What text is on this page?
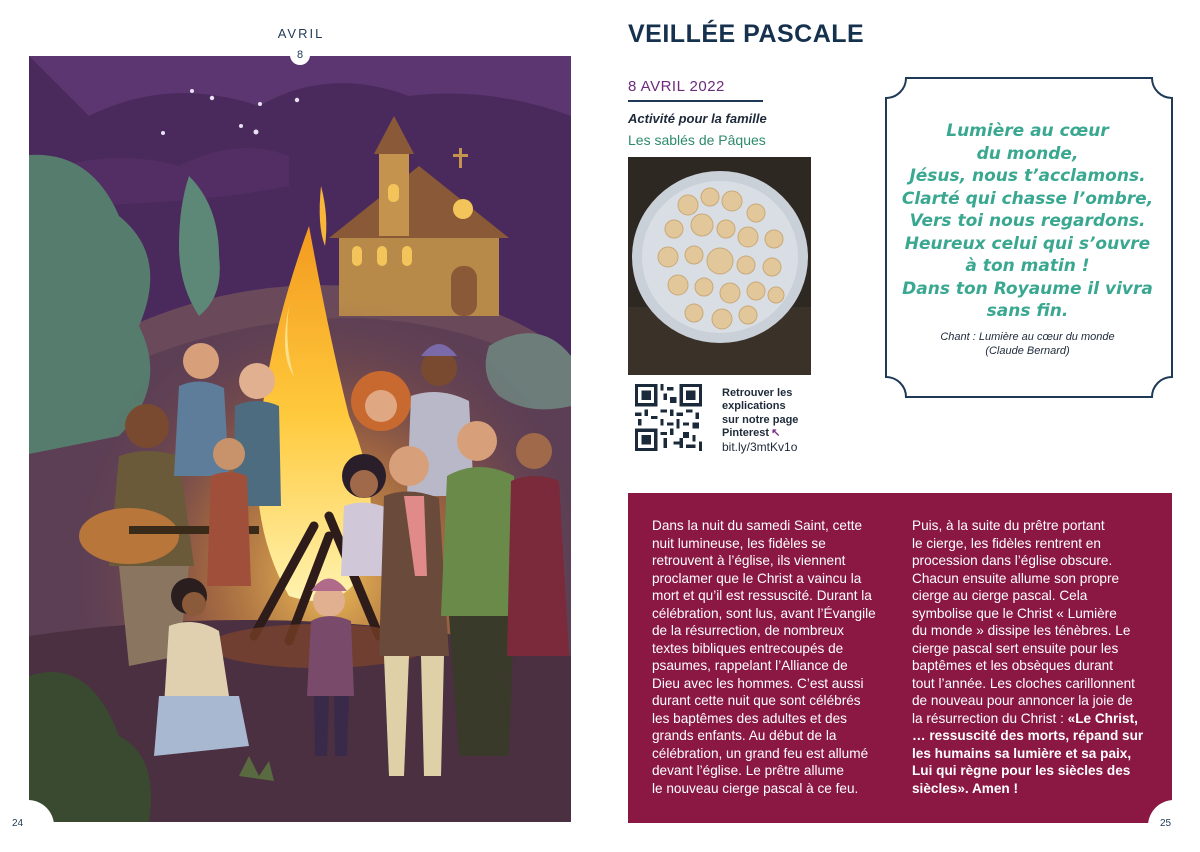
AVRIL
8
24
VEILLÉE PASCALE
8 AVRIL 2022
Activité pour la famille
Les sablés de Pâques
Retrouver les
explications
sur notre page
Pinterest ↖
bit.ly/3mtKv1o
Lumière au cœur
du monde,
Jésus, nous t’acclamons.
Clarté qui chasse l’ombre,
Vers toi nous regardons.
Heureux celui qui s’ouvre
à ton matin !
Dans ton Royaume il vivra
sans fin.
Chant : Lumière au cœur du monde
(Claude Bernard)
Dans la nuit du samedi Saint, cette
nuit lumineuse, les fidèles se
retrouvent à l’église, ils viennent
proclamer que le Christ a vaincu la
mort et qu’il est ressuscité. Durant la
célébration, sont lus, avant l’Évangile
de la résurrection, de nombreux
textes bibliques entrecoupés de
psaumes, rappelant l’Alliance de
Dieu avec les hommes. C’est aussi
durant cette nuit que sont célébrés
les baptêmes des adultes et des
grands enfants. Au début de la
célébration, un grand feu est allumé
devant l’église. Le prêtre allume
le nouveau cierge pascal à ce feu.
Puis, à la suite du prêtre portant
le cierge, les fidèles rentrent en
procession dans l’église obscure.
Chacun ensuite allume son propre
cierge au cierge pascal. Cela
symbolise que le Christ « Lumière
du monde » dissipe les ténèbres. Le
cierge pascal sert ensuite pour les
baptêmes et les obsèques durant
tout l’année. Les cloches carillonnent
de nouveau pour annoncer la joie de
la résurrection du Christ : «Le Christ,
… ressuscité des morts, répand sur
les humains sa lumière et sa paix,
Lui qui règne pour les siècles des
siècles». Amen !
25
